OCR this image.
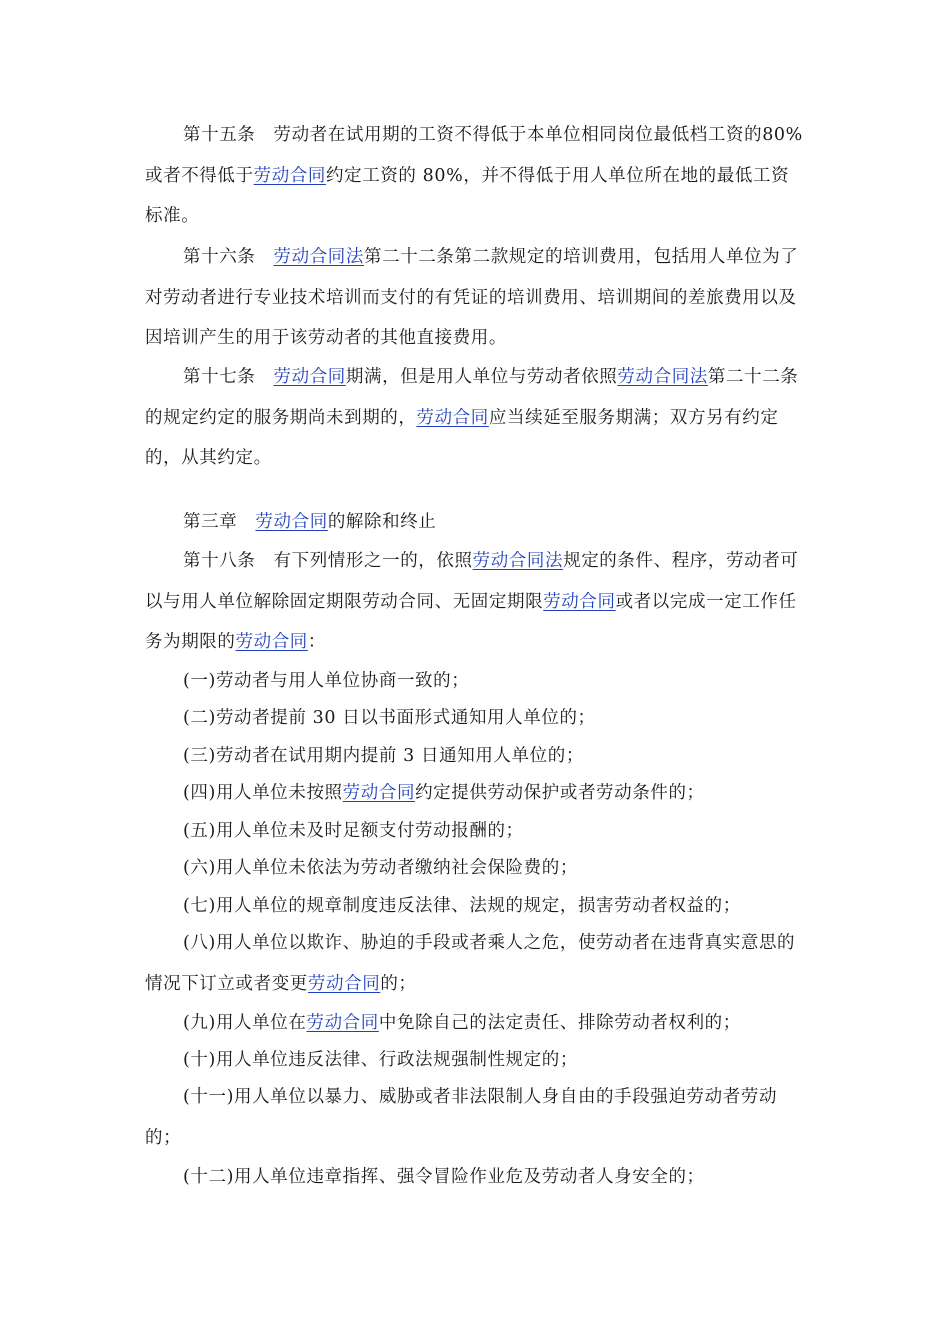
第十五条　劳动者在试用期的工资不得低于本单位相同岗位最低档工资的80%或者不得低于劳动合同约定工资的 80%，并不得低于用人单位所在地的最低工资标准。

第十六条　劳动合同法第二十二条第二款规定的培训费用，包括用人单位为了对劳动者进行专业技术培训而支付的有凭证的培训费用、培训期间的差旅费用以及因培训产生的用于该劳动者的其他直接费用。

第十七条　劳动合同期满，但是用人单位与劳动者依照劳动合同法第二十二条的规定约定的服务期尚未到期的，劳动合同应当续延至服务期满；双方另有约定的，从其约定。

第三章　劳动合同的解除和终止

第十八条　有下列情形之一的，依照劳动合同法规定的条件、程序，劳动者可以与用人单位解除固定期限劳动合同、无固定期限劳动合同或者以完成一定工作任务为期限的劳动合同：

(一)劳动者与用人单位协商一致的；

(二)劳动者提前 30 日以书面形式通知用人单位的；

(三)劳动者在试用期内提前 3 日通知用人单位的；

(四)用人单位未按照劳动合同约定提供劳动保护或者劳动条件的；

(五)用人单位未及时足额支付劳动报酬的；

(六)用人单位未依法为劳动者缴纳社会保险费的；

(七)用人单位的规章制度违反法律、法规的规定，损害劳动者权益的；

(八)用人单位以欺诈、胁迫的手段或者乘人之危，使劳动者在违背真实意思的情况下订立或者变更劳动合同的；

(九)用人单位在劳动合同中免除自己的法定责任、排除劳动者权利的；

(十)用人单位违反法律、行政法规强制性规定的；

(十一)用人单位以暴力、威胁或者非法限制人身自由的手段强迫劳动者劳动的；

(十二)用人单位违章指挥、强令冒险作业危及劳动者人身安全的；
